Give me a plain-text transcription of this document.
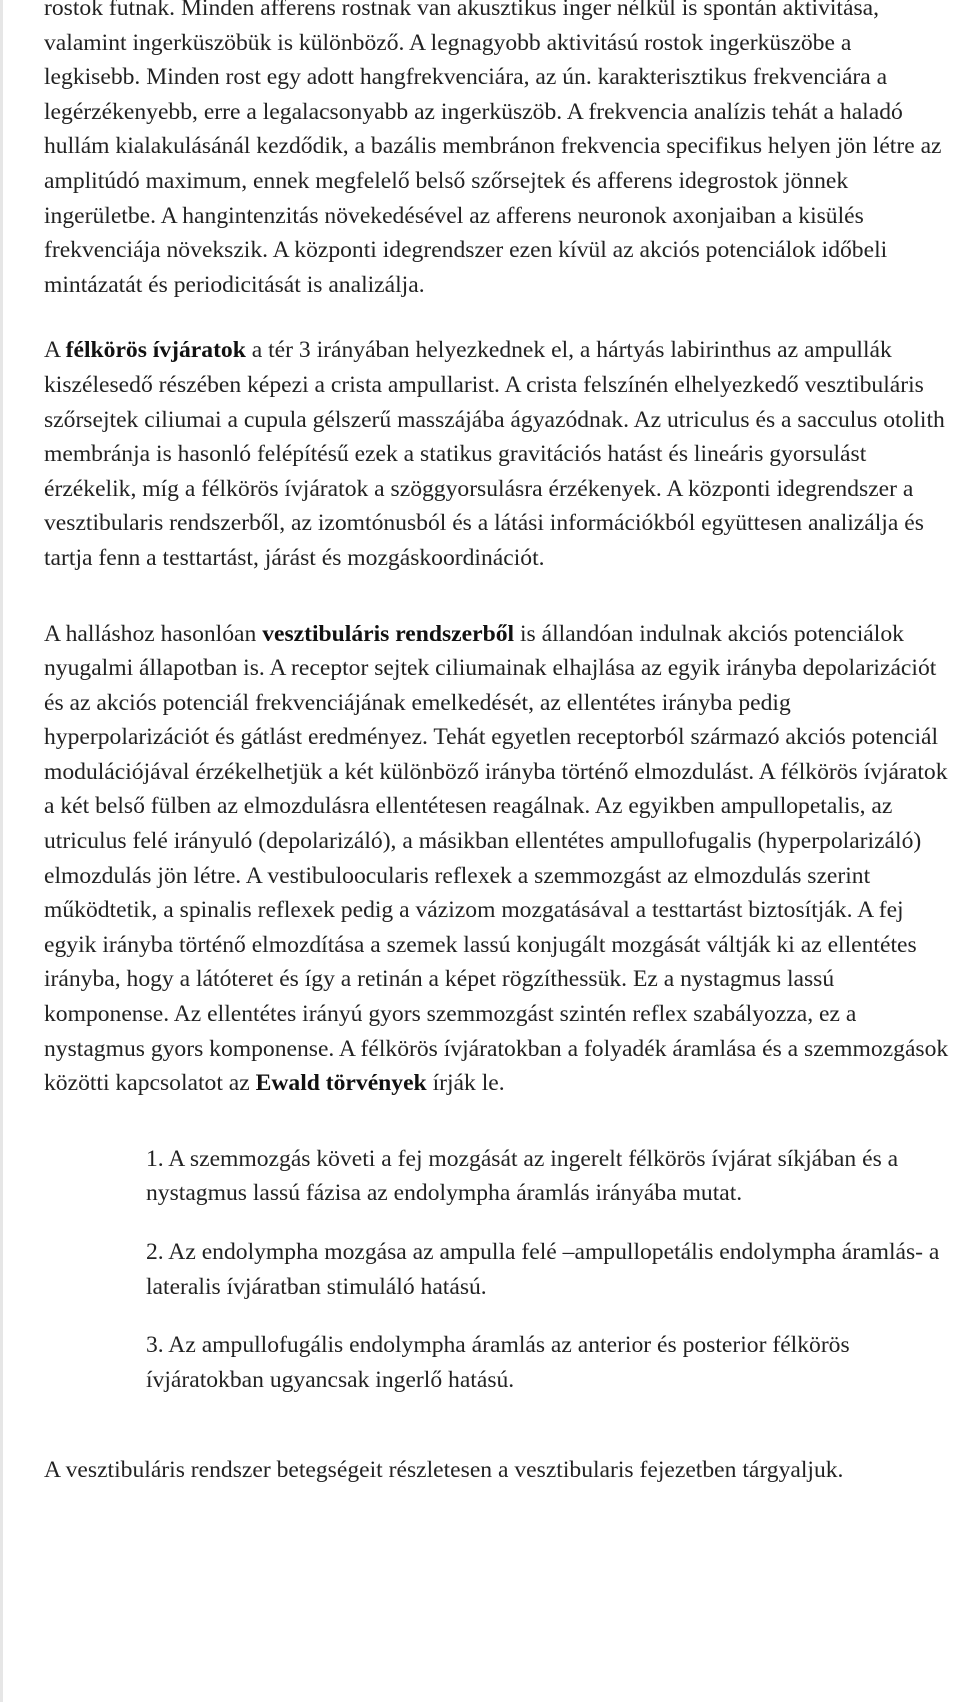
rostok futnak. Minden afferens rostnak van akusztikus inger nélkül is spontán aktivitása, valamint ingerküszöbük is különböző. A legnagyobb aktivitású rostok ingerküszöbe a legkisebb. Minden rost egy adott hangfrekvenciára, az ún. karakterisztikus frekvenciára a legérzékenyebb, erre a legalacsonyabb az ingerküszöb. A frekvencia analízis tehát a haladó hullám kialakulásánál kezdődik, a bazális membránon frekvencia specifikus helyen jön létre az amplitúdó maximum, ennek megfelelő belső szőrsejtek és afferens idegrostok jönnek ingerületbe. A hangintenzitás növekedésével az afferens neuronok axonjaiban a kisülés frekvenciája növekszik. A központi idegrendszer ezen kívül az akciós potenciálok időbeli mintázatát és periodicitását is analizálja.

A félkörös ívjáratok a tér 3 irányában helyezkednek el, a hártyás labirinthus az ampullák kiszélesedő részében képezi a crista ampullarist. A crista felszínén elhelyezkedő vesztibuláris szőrsejtek ciliumai a cupula gélszerű masszájába ágyazódnak. Az utriculus és a sacculus otolith membránja is hasonló felépítésű ezek a statikus gravitációs hatást és lineáris gyorsulást érzékelik, míg a félkörös ívjáratok a szöggyorsulásra érzékenyek. A központi idegrendszer a vesztibularis rendszerből, az izomtónusból és a látási információkból együttesen analizálja és tartja fenn a testtartást, járást és mozgáskoordinációt.

A halláshoz hasonlóan vesztibuláris rendszerből is állandóan indulnak akciós potenciálok nyugalmi állapotban is. A receptor sejtek ciliumainak elhajlása az egyik irányba depolarizációt és az akciós potenciál frekvenciájának emelkedését, az ellentétes irányba pedig hyperpolarizációt és gátlást eredményez. Tehát egyetlen receptorból származó akciós potenciál modulációjával érzékelhetjük a két különböző irányba történő elmozdulást. A félkörös ívjáratok a két belső fülben az elmozdulásra ellentétesen reagálnak. Az egyikben ampullopetalis, az utriculus felé irányuló (depolarizáló), a másikban ellentétes ampullofugalis (hyperpolarizáló) elmozdulás jön létre. A vestibuloocularis reflexek a szemmozgást az elmozdulás szerint működtetik, a spinalis reflexek pedig a vázizom mozgatásával a testtartást biztosítják. A fej egyik irányba történő elmozdítása a szemek lassú konjugált mozgását váltják ki az ellentétes irányba, hogy a látóteret és így a retinán a képet rögzíthessük. Ez a nystagmus lassú komponense. Az ellentétes irányú gyors szemmozgást szintén reflex szabályozza, ez a nystagmus gyors komponense. A félkörös ívjáratokban a folyadék áramlása és a szemmozgások közötti kapcsolatot az Ewald törvények írják le.

1. A szemmozgás követi a fej mozgását az ingerelt félkörös ívjárat síkjában és a nystagmus lassú fázisa az endolympha áramlás irányába mutat.
2. Az endolympha mozgása az ampulla felé –ampullopetális endolympha áramlás- a lateralis ívjáratban stimuláló hatású.
3. Az ampullofugális endolympha áramlás az anterior és posterior félkörös ívjáratokban ugyancsak ingerlő hatású.

A vesztibuláris rendszer betegségeit részletesen a vesztibularis fejezetben tárgyaljuk.
